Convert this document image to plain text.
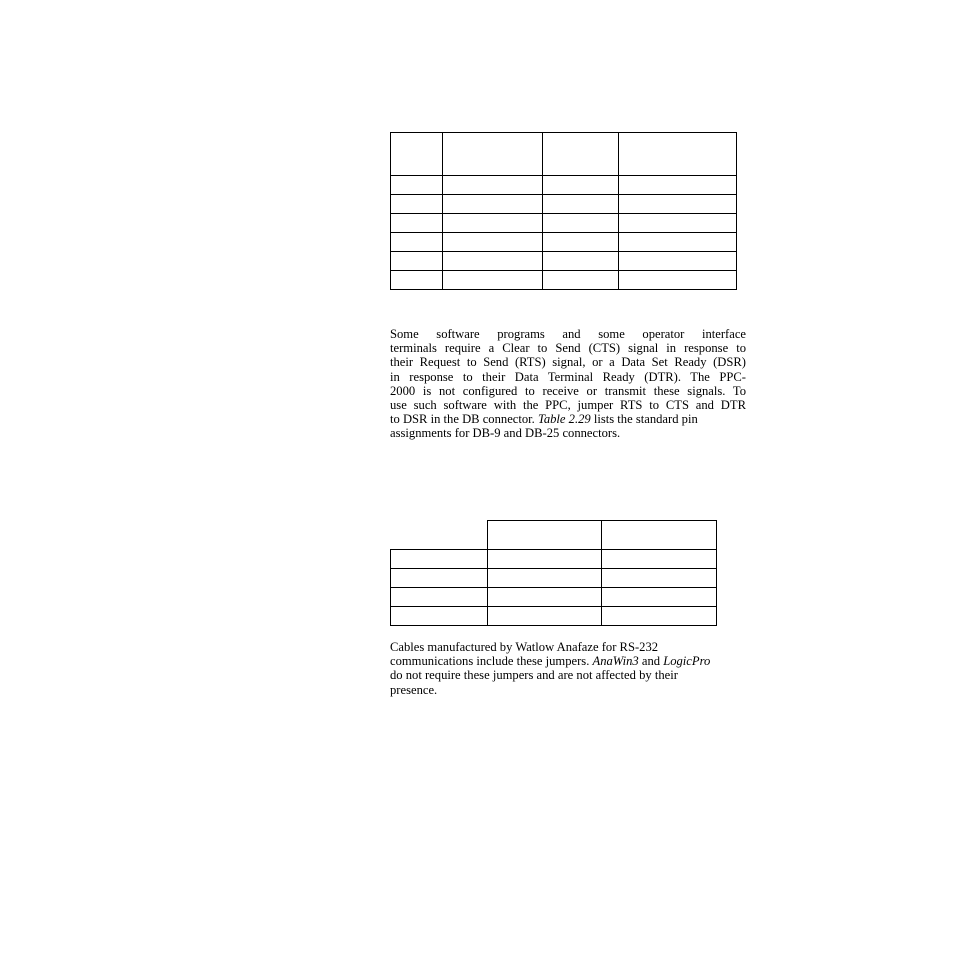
Some software programs and some operator interface
terminals require a Clear to Send (CTS) signal in response to
their Request to Send (RTS) signal, or a Data Set Ready (DSR)
in response to their Data Terminal Ready (DTR). The PPC-
2000 is not configured to receive or transmit these signals. To
use such software with the PPC, jumper RTS to CTS and DTR
to DSR in the DB connector. Table 2.29 lists the standard pin
assignments for DB-9 and DB-25 connectors.

Cables manufactured by Watlow Anafaze for RS-232
communications include these jumpers. AnaWin3 and LogicPro
do not require these jumpers and are not affected by their
presence.
